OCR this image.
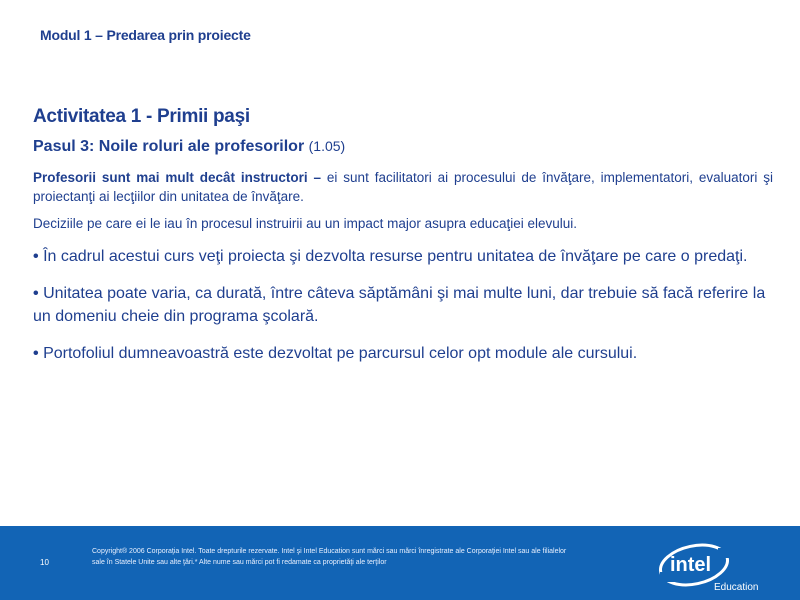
Modul 1 – Predarea prin proiecte
Activitatea 1 - Primii paşi
Pasul 3: Noile roluri ale profesorilor (1.05)

Profesorii sunt mai mult decât instructori – ei sunt facilitatori ai procesului de învăţare, implementatori, evaluatori şi proiectanţi ai lecţiilor din unitatea de învăţare.

Deciziile pe care ei le iau în procesul instruirii au un impact major asupra educaţiei elevului.

• În cadrul acestui curs veţi proiecta şi dezvolta resurse pentru unitatea de învăţare pe care o predaţi.
• Unitatea poate varia, ca durată, între câteva săptămâni şi mai multe luni, dar trebuie să facă referire la un domeniu cheie din programa şcolară.
• Portofoliul dumneavoastră este dezvoltat pe parcursul celor opt module ale cursului.
10
Copyright® 2006 Corporaţia Intel. Toate drepturile rezervate. Intel şi Intel Education sunt mărci sau mărci înregistrate ale Corporaţiei Intel sau ale filialelor
sale în Statele Unite sau alte ţări.* Alte nume sau mărci pot fi redamate ca proprietăţi ale terţilor	intel
Education
